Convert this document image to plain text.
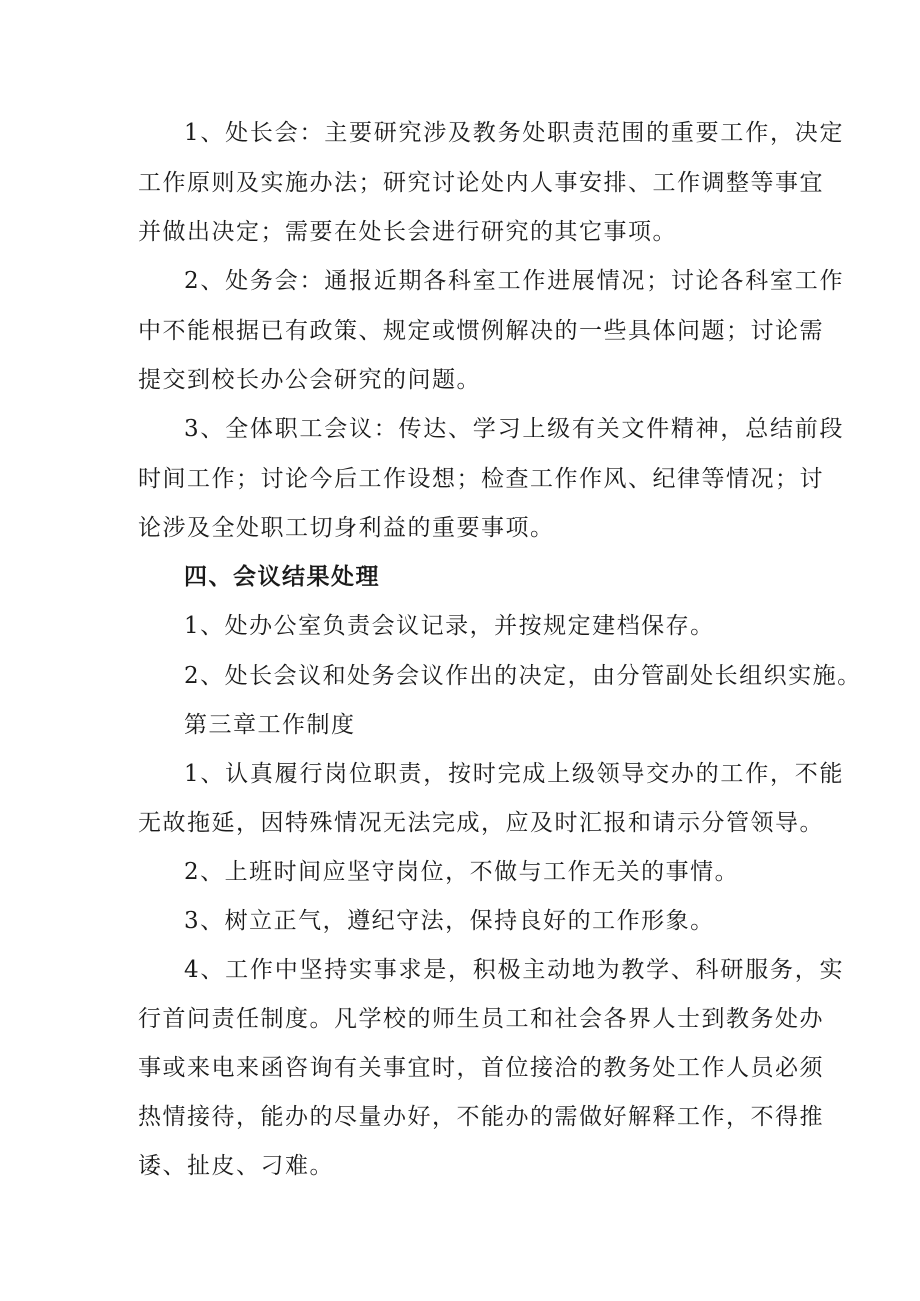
1、处长会：主要研究涉及教务处职责范围的重要工作，决定
工作原则及实施办法；研究讨论处内人事安排、工作调整等事宜
并做出决定；需要在处长会进行研究的其它事项。
2、处务会：通报近期各科室工作进展情况；讨论各科室工作
中不能根据已有政策、规定或惯例解决的一些具体问题；讨论需
提交到校长办公会研究的问题。
3、全体职工会议：传达、学习上级有关文件精神，总结前段
时间工作；讨论今后工作设想；检查工作作风、纪律等情况；讨
论涉及全处职工切身利益的重要事项。
四、会议结果处理
1、处办公室负责会议记录，并按规定建档保存。
2、处长会议和处务会议作出的决定，由分管副处长组织实施。
第三章工作制度
1、认真履行岗位职责，按时完成上级领导交办的工作，不能
无故拖延，因特殊情况无法完成，应及时汇报和请示分管领导。
2、上班时间应坚守岗位，不做与工作无关的事情。
3、树立正气，遵纪守法，保持良好的工作形象。
4、工作中坚持实事求是，积极主动地为教学、科研服务，实
行首问责任制度。凡学校的师生员工和社会各界人士到教务处办
事或来电来函咨询有关事宜时，首位接洽的教务处工作人员必须
热情接待，能办的尽量办好，不能办的需做好解释工作，不得推
诿、扯皮、刁难。
